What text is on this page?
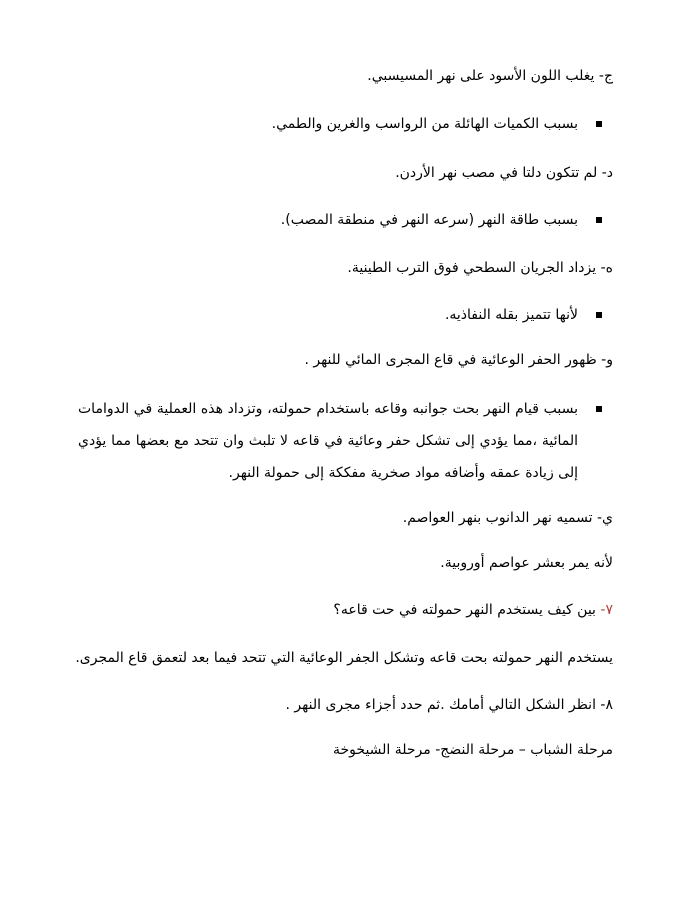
ج- يغلب اللون الأسود على نهر المسيسبي.
بسبب الكميات الهائلة من الرواسب والغرين والطمي.
د- لم تتكون دلتا في مصب نهر الأردن.
بسبب طاقة النهر (سرعه النهر في منطقة المصب).
ه- يزداد الجريان السطحي فوق الترب الطينية.
لأنها تتميز بقله النفاذيه.
و- ظهور الحفر الوعائية في قاع المجرى المائي للنهر .
بسبب قيام النهر بحت جوانبه وقاعه باستخدام حمولته، وتزداد هذه العملية في الدوامات المائية ،مما يؤدي إلى تشكل حفر وعائية في قاعه لا تلبث وان تتحد مع بعضها مما يؤدي إلى زيادة عمقه وأضافه مواد صخرية مفككة إلى حمولة النهر.
ي- تسميه نهر الدانوب بنهر العواصم.
لأنه يمر بعشر عواصم أوروبية.
٧- بين كيف يستخدم النهر حمولته في حت قاعه؟
يستخدم النهر حمولته بحت قاعه وتشكل الجفر الوعائية التي تتحد فيما بعد لتعمق قاع المجرى.
٨- انظر الشكل التالي أمامك .ثم حدد أجزاء مجرى النهر .
مرحلة الشباب – مرحلة النضج- مرحلة الشيخوخة
